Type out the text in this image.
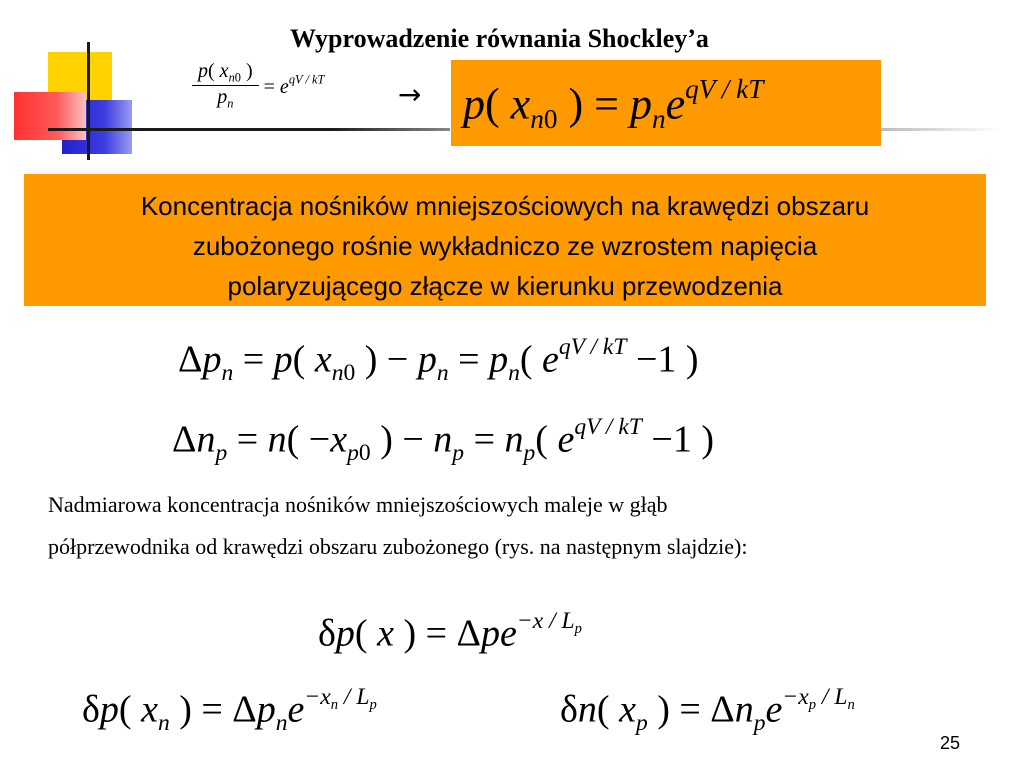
Wyprowadzenie równania Shockley’a
$\frac{p( x_{n0} )}{p_n} = e^{qV / kT}$	→ p( $x_{n0}$ ) = $p_ne^{qV / kT}$
Koncentracja nośników mniejszościowych na krawędzi obszaru
zubożonego rośnie wykładniczo ze wzrostem napięcia
polaryzującego złącze w kierunku przewodzenia
$\Delta p_n = p$( $x_{n0}$ ) − $p_n = p_n$( $e^{qV / kT} -1$ )
$\Delta n_p = n( -x_{p0}$ ) − $n_p = n_p$( $e^{qV / kT} -1$ )
Nadmiarowa koncentracja nośników mniejszościowych maleje w głąb
półprzewodnika od krawędzi obszaru zubożonego (rys. na następnym slajdzie):
δp( x ) = Δpe$^{-x / L_p}$
δp( $x_n$ ) = $\Delta p_ne^{-x_n / L_p}$	δn( $x_p$ ) = $\Delta n_pe^{-x_p / L_n}$
25
